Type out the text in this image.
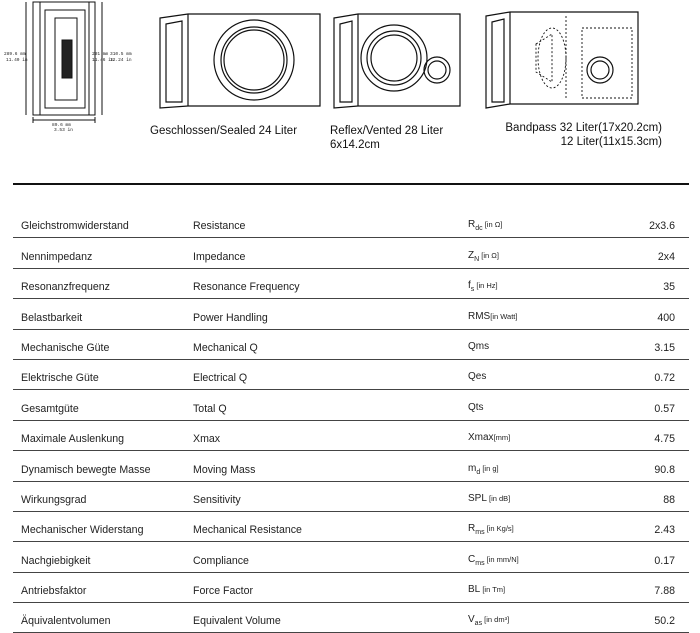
289.6 mm
11.40 in
291 mm
11.46 in
310.5 mm
12.24 in
89.6 mm
3.53 in	Geschlossen/Sealed 24 Liter	Reflex/Vented 28 Liter
6x14.2cm
Bandpass 32 Liter(17x20.2cm)
12 Liter(11x15.3cm)
Gleichstromwiderstand	Resistance	$R_{dc}$ [in Ω]	2x3.6
Nennimpedanz	Impedance	$Z_N$ [in Ω]	2x4
Resonanzfrequenz	Resonance Frequency	$f_s$ [in Hz]	35
Belastbarkeit	Power Handling	RMS[in Watt]	400
Mechanische Güte	Mechanical Q	Qms	3.15
Elektrische Güte	Electrical Q	Qes	0.72
Gesamtgüte	Total Q	Qts	0.57
Maximale Auslenkung	Xmax	Xmax[mm]	4.75
Dynamisch bewegte Masse	Moving Mass	$m_d$ [in g]	90.8
Wirkungsgrad	Sensitivity	SPL [in dB]	88
Mechanischer Widerstang	Mechanical Resistance	$R_{ms}$ [in Kg/s]	2.43
Nachgiebigkeit	Compliance	$C_{ms}$ [in mm/N]	0.17
Antriebsfaktor	Force Factor	BL [in Tm]	7.88
Äquivalentvolumen	Equivalent Volume	$V_{as}$ [in dm³]	50.2
